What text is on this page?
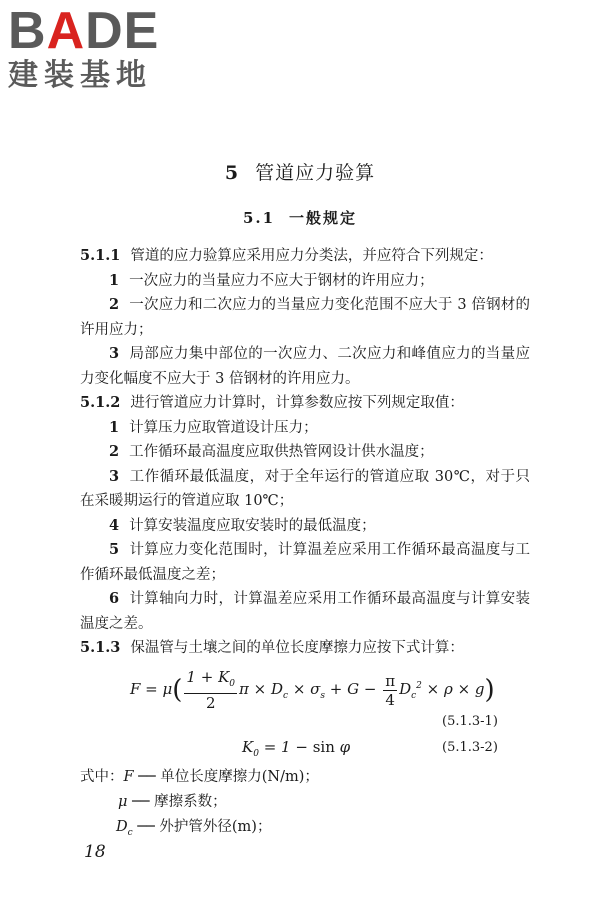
BADE
建装基地
5 管道应力验算
5.1 一般规定

5.1.1 管道的应力验算应采用应力分类法，并应符合下列规定：

1 一次应力的当量应力不应大于钢材的许用应力；

2 一次应力和二次应力的当量应力变化范围不应大于 3 倍钢材的许用应力；

3 局部应力集中部位的一次应力、二次应力和峰值应力的当量应力变化幅度不应大于 3 倍钢材的许用应力。

5.1.2 进行管道应力计算时，计算参数应按下列规定取值：

1 计算压力应取管道设计压力；

2 工作循环最高温度应取供热管网设计供水温度；

3 工作循环最低温度，对于全年运行的管道应取 30℃，对于只在采暖期运行的管道应取 10℃；

4 计算安装温度应取安装时的最低温度；

5 计算应力变化范围时，计算温差应采用工作循环最高温度与工作循环最低温度之差；

6 计算轴向力时，计算温差应采用工作循环最高温度与计算安装温度之差。

5.1.3 保温管与土壤之间的单位长度摩擦力应按下式计算：

$F = \mu( \frac{1 + K_0}{2}$ $\pi \times D_c \times \sigma_s + G - \frac{\pi}{4} D_c^2 \times \rho \times g$)
(5.1.3-1)
$K_0 = 1 - \sin \varphi$	(5.1.3-2)
式中：F ── 单位长度摩擦力(N/m)；
μ ── 摩擦系数；
$D_c$ ── 外护管外径(m)；
18
